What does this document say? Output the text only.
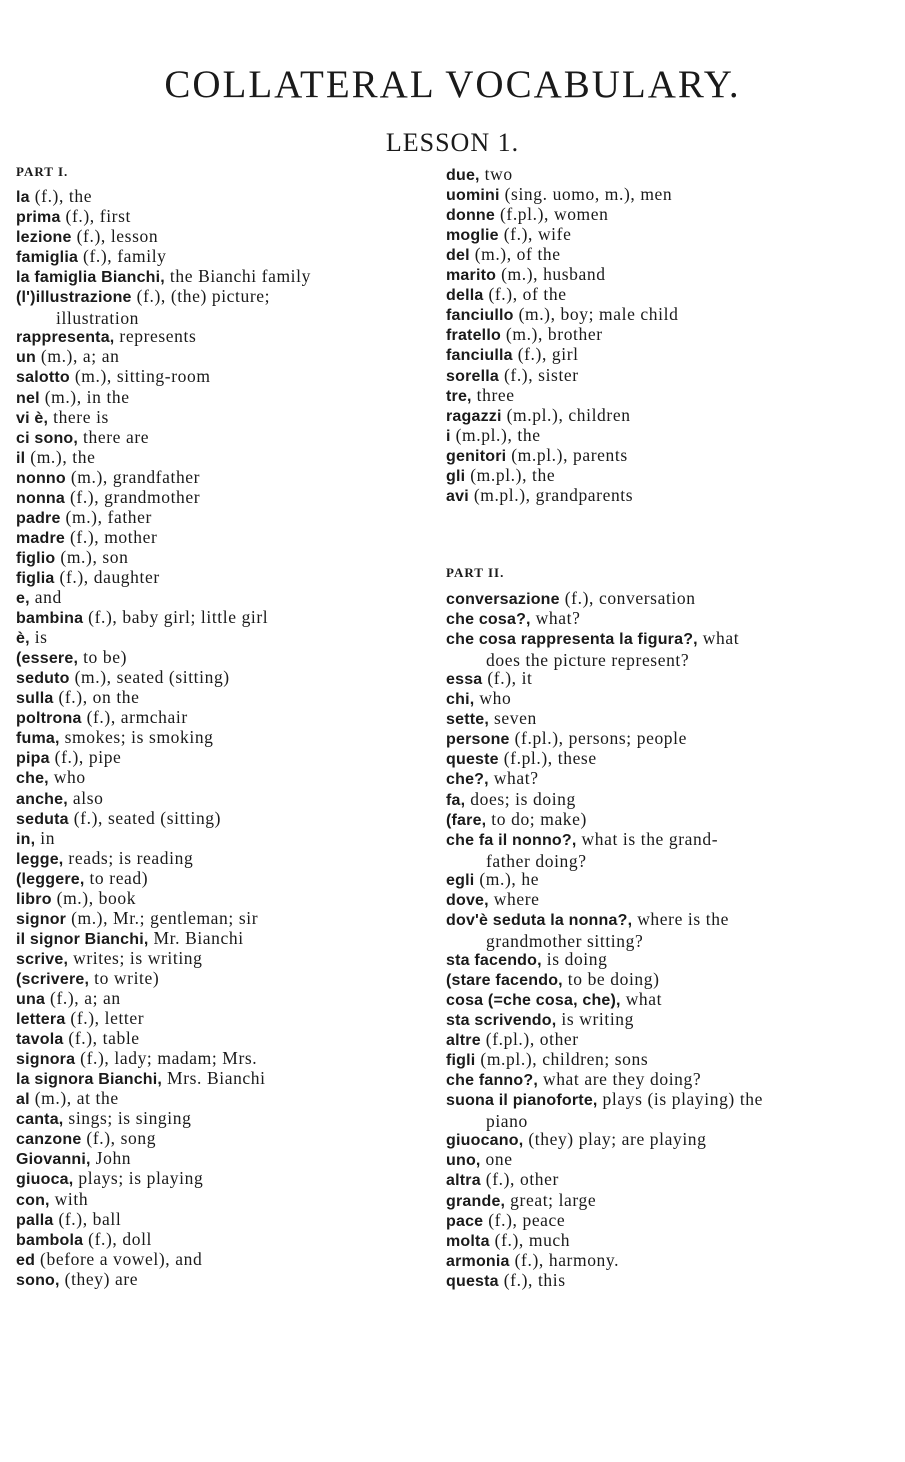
COLLATERAL VOCABULARY.
LESSON 1.
PART I.
la (f.), the
prima (f.), first
lezione (f.), lesson
famiglia (f.), family
la famiglia Bianchi, the Bianchi family
(l')illustrazione (f.), (the) picture;
illustration
rappresenta, represents
un (m.), a; an
salotto (m.), sitting-room
nel (m.), in the
vi è, there is
ci sono, there are
il (m.), the
nonno (m.), grandfather
nonna (f.), grandmother
padre (m.), father
madre (f.), mother
figlio (m.), son
figlia (f.), daughter
e, and
bambina (f.), baby girl; little girl
è, is
(essere, to be)
seduto (m.), seated (sitting)
sulla (f.), on the
poltrona (f.), armchair
fuma, smokes; is smoking
pipa (f.), pipe
che, who
anche, also
seduta (f.), seated (sitting)
in, in
legge, reads; is reading
(leggere, to read)
libro (m.), book
signor (m.), Mr.; gentleman; sir
il signor Bianchi, Mr. Bianchi
scrive, writes; is writing
(scrivere, to write)
una (f.), a; an
lettera (f.), letter
tavola (f.), table
signora (f.), lady; madam; Mrs.
la signora Bianchi, Mrs. Bianchi
al (m.), at the
canta, sings; is singing
canzone (f.), song
Giovanni, John
giuoca, plays; is playing
con, with
palla (f.), ball
bambola (f.), doll
ed (before a vowel), and
sono, (they) are
PART II.
due, two
uomini (sing. uomo, m.), men
donne (f.pl.), women
moglie (f.), wife
del (m.), of the
marito (m.), husband
della (f.), of the
fanciullo (m.), boy; male child
fratello (m.), brother
fanciulla (f.), girl
sorella (f.), sister
tre, three
ragazzi (m.pl.), children
i (m.pl.), the
genitori (m.pl.), parents
gli (m.pl.), the
avi (m.pl.), grandparents
conversazione (f.), conversation
che cosa?, what?
che cosa rappresenta la figura?, what
does the picture represent?
essa (f.), it
chi, who
sette, seven
persone (f.pl.), persons; people
queste (f.pl.), these
che?, what?
fa, does; is doing
(fare, to do; make)
che fa il nonno?, what is the grand-
father doing?
egli (m.), he
dove, where
dov'è seduta la nonna?, where is the
grandmother sitting?
sta facendo, is doing
(stare facendo, to be doing)
cosa (=che cosa, che), what
sta scrivendo, is writing
altre (f.pl.), other
figli (m.pl.), children; sons
che fanno?, what are they doing?
suona il pianoforte, plays (is playing) the
piano
giuocano, (they) play; are playing
uno, one
altra (f.), other
grande, great; large
pace (f.), peace
molta (f.), much
armonia (f.), harmony.
questa (f.), this
